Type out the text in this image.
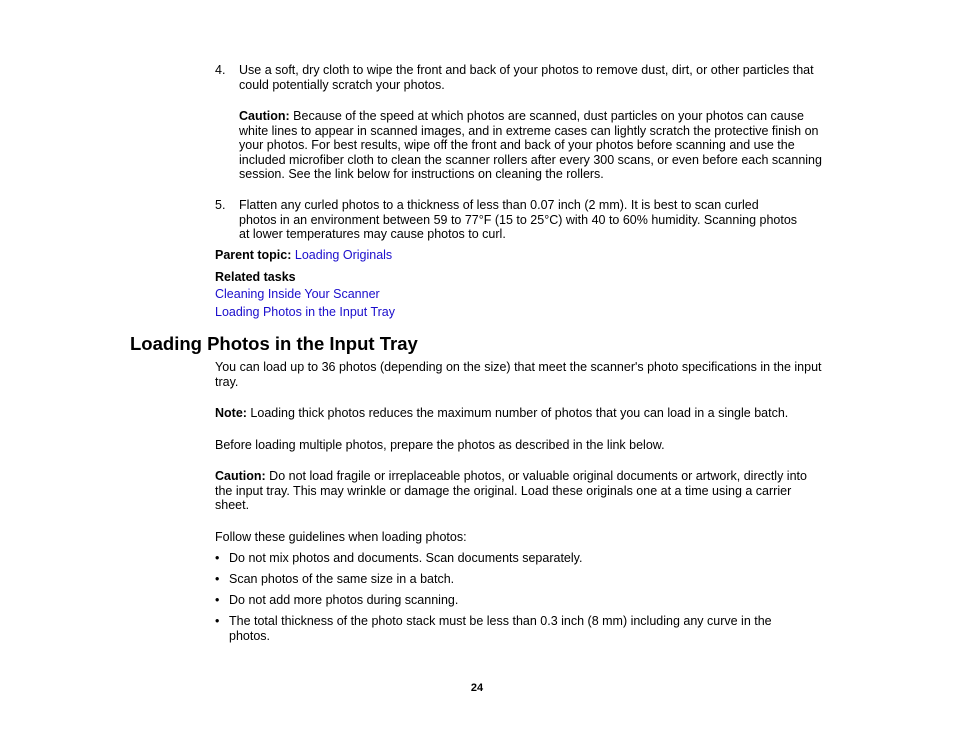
4. Use a soft, dry cloth to wipe the front and back of your photos to remove dust, dirt, or other particles that could potentially scratch your photos.

Caution: Because of the speed at which photos are scanned, dust particles on your photos can cause white lines to appear in scanned images, and in extreme cases can lightly scratch the protective finish on your photos. For best results, wipe off the front and back of your photos before scanning and use the included microfiber cloth to clean the scanner rollers after every 300 scans, or even before each scanning session. See the link below for instructions on cleaning the rollers.

5. Flatten any curled photos to a thickness of less than 0.07 inch (2 mm). It is best to scan curled photos in an environment between 59 to 77°F (15 to 25°C) with 40 to 60% humidity. Scanning photos at lower temperatures may cause photos to curl.

Parent topic: Loading Originals

Related tasks

Cleaning Inside Your Scanner

Loading Photos in the Input Tray

Loading Photos in the Input Tray

You can load up to 36 photos (depending on the size) that meet the scanner's photo specifications in the input tray.

Note: Loading thick photos reduces the maximum number of photos that you can load in a single batch.

Before loading multiple photos, prepare the photos as described in the link below.

Caution: Do not load fragile or irreplaceable photos, or valuable original documents or artwork, directly into the input tray. This may wrinkle or damage the original. Load these originals one at a time using a carrier sheet.

Follow these guidelines when loading photos:

• Do not mix photos and documents. Scan documents separately.

• Scan photos of the same size in a batch.

• Do not add more photos during scanning.

• The total thickness of the photo stack must be less than 0.3 inch (8 mm) including any curve in the photos.

24
